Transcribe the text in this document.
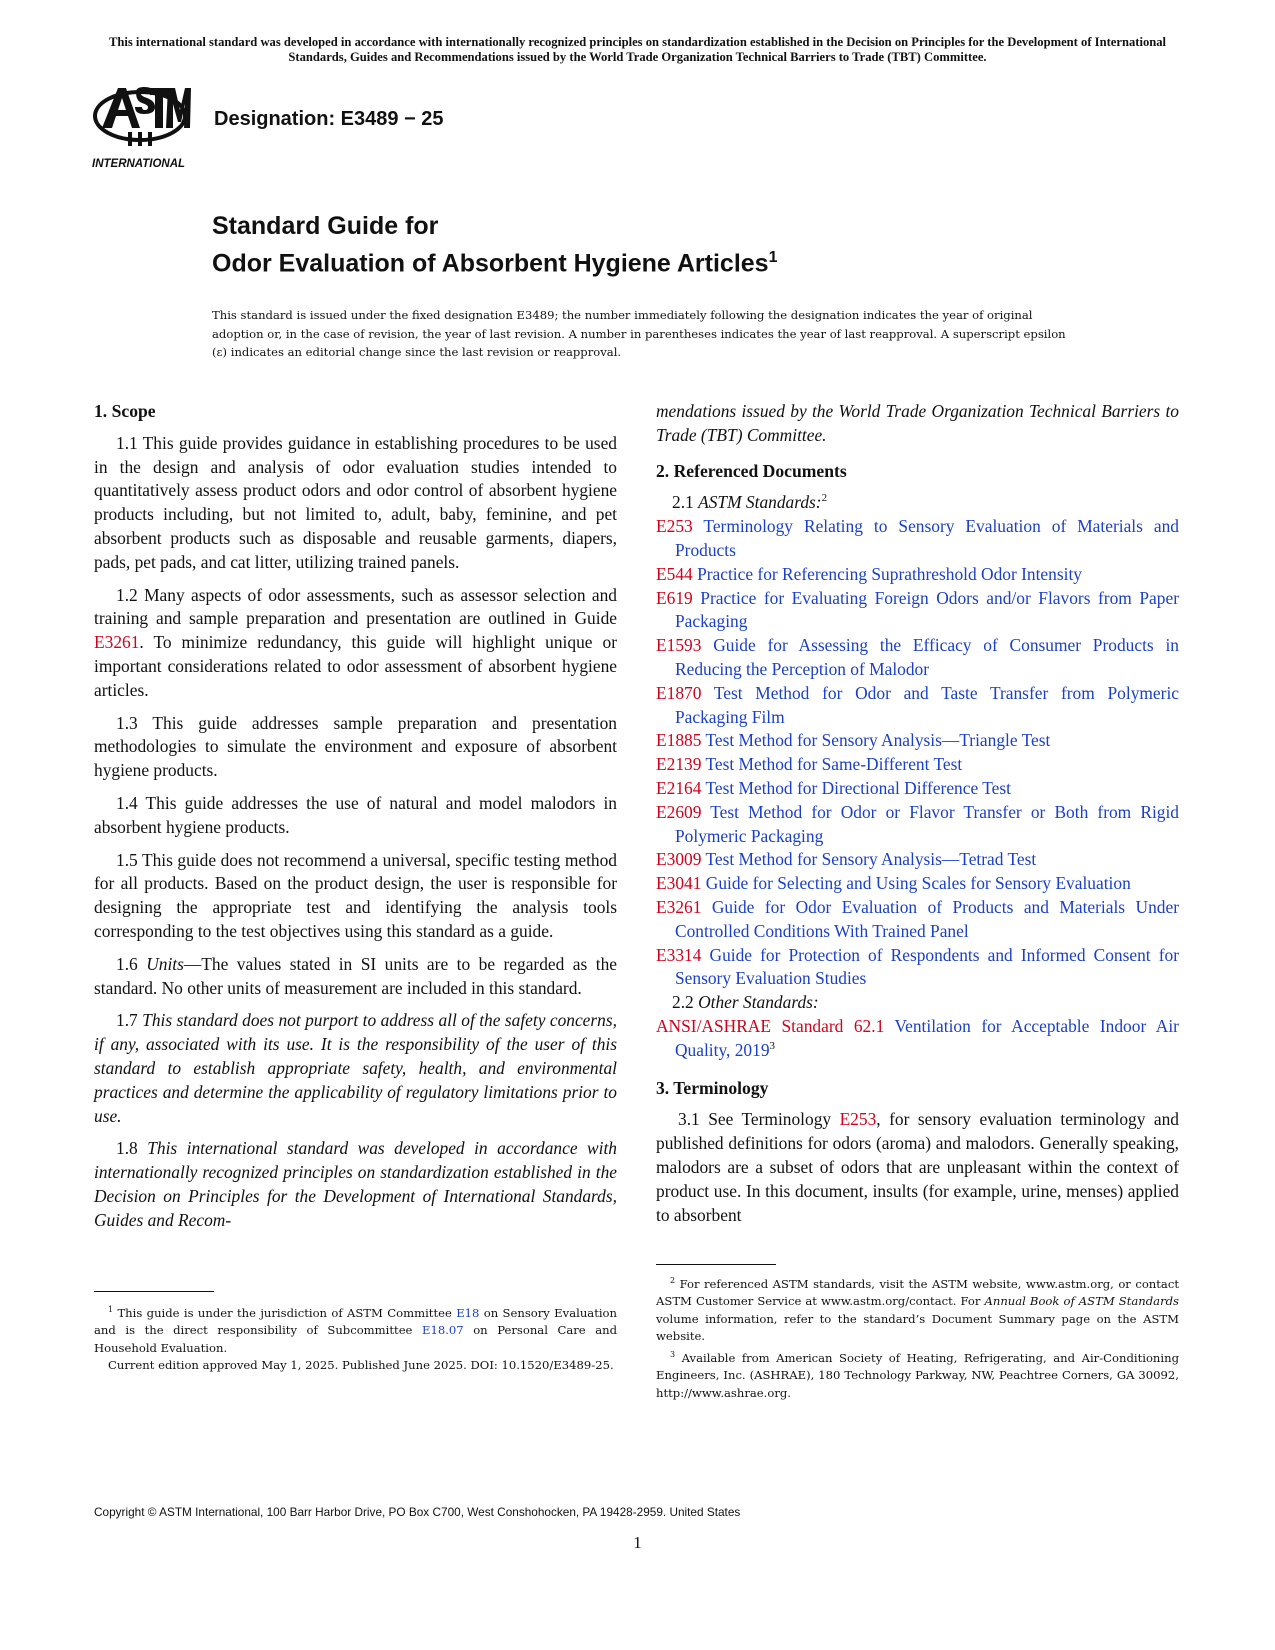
This international standard was developed in accordance with internationally recognized principles on standardization established in the Decision on Principles for the Development of International Standards, Guides and Recommendations issued by the World Trade Organization Technical Barriers to Trade (TBT) Committee.
INTERNATIONAL
Designation: E3489 − 25
Standard Guide for
Odor Evaluation of Absorbent Hygiene Articles$^1$
This standard is issued under the fixed designation E3489; the number immediately following the designation indicates the year of original adoption or, in the case of revision, the year of last revision. A number in parentheses indicates the year of last reapproval. A superscript epsilon (ε) indicates an editorial change since the last revision or reapproval.
1. Scope

1.1 This guide provides guidance in establishing procedures to be used in the design and analysis of odor evaluation studies intended to quantitatively assess product odors and odor control of absorbent hygiene products including, but not limited to, adult, baby, feminine, and pet absorbent products such as disposable and reusable garments, diapers, pads, pet pads, and cat litter, utilizing trained panels.

1.2 Many aspects of odor assessments, such as assessor selection and training and sample preparation and presentation are outlined in Guide E3261. To minimize redundancy, this guide will highlight unique or important considerations related to odor assessment of absorbent hygiene articles.

1.3 This guide addresses sample preparation and presentation methodologies to simulate the environment and exposure of absorbent hygiene products.

1.4 This guide addresses the use of natural and model malodors in absorbent hygiene products.

1.5 This guide does not recommend a universal, specific testing method for all products. Based on the product design, the user is responsible for designing the appropriate test and identifying the analysis tools corresponding to the test objectives using this standard as a guide.

1.6 Units—The values stated in SI units are to be regarded as the standard. No other units of measurement are included in this standard.

1.7 This standard does not purport to address all of the safety concerns, if any, associated with its use. It is the responsibility of the user of this standard to establish appropriate safety, health, and environmental practices and determine the applicability of regulatory limitations prior to use.

1.8 This international standard was developed in accordance with internationally recognized principles on standardization established in the Decision on Principles for the Development of International Standards, Guides and Recom-

$^1$ This guide is under the jurisdiction of ASTM Committee E18 on Sensory Evaluation and is the direct responsibility of Subcommittee E18.07 on Personal Care and Household Evaluation.

Current edition approved May 1, 2025. Published June 2025. DOI: 10.1520/E3489-25.

mendations issued by the World Trade Organization Technical Barriers to Trade (TBT) Committee.

2. Referenced Documents
2.1 ASTM Standards:$^2$
E253 Terminology Relating to Sensory Evaluation of Materials and Products
E544 Practice for Referencing Suprathreshold Odor Intensity
E619 Practice for Evaluating Foreign Odors and/or Flavors from Paper Packaging
E1593 Guide for Assessing the Efficacy of Consumer Products in Reducing the Perception of Malodor
E1870 Test Method for Odor and Taste Transfer from Polymeric Packaging Film
E1885 Test Method for Sensory Analysis—Triangle Test
E2139 Test Method for Same-Different Test
E2164 Test Method for Directional Difference Test
E2609 Test Method for Odor or Flavor Transfer or Both from Rigid Polymeric Packaging
E3009 Test Method for Sensory Analysis—Tetrad Test
E3041 Guide for Selecting and Using Scales for Sensory Evaluation
E3261 Guide for Odor Evaluation of Products and Materials Under Controlled Conditions With Trained Panel
E3314 Guide for Protection of Respondents and Informed Consent for Sensory Evaluation Studies
2.2 Other Standards:
ANSI/ASHRAE Standard 62.1 Ventilation for Acceptable Indoor Air Quality, 2019$^3$
3. Terminology

3.1 See Terminology E253, for sensory evaluation terminology and published definitions for odors (aroma) and malodors. Generally speaking, malodors are a subset of odors that are unpleasant within the context of product use. In this document, insults (for example, urine, menses) applied to absorbent

$^2$ For referenced ASTM standards, visit the ASTM website, www.astm.org, or contact ASTM Customer Service at www.astm.org/contact. For Annual Book of ASTM Standards volume information, refer to the standard’s Document Summary page on the ASTM website.

$^3$ Available from American Society of Heating, Refrigerating, and Air-Conditioning Engineers, Inc. (ASHRAE), 180 Technology Parkway, NW, Peachtree Corners, GA 30092, http://www.ashrae.org.

Copyright © ASTM International, 100 Barr Harbor Drive, PO Box C700, West Conshohocken, PA 19428-2959. United States
1
